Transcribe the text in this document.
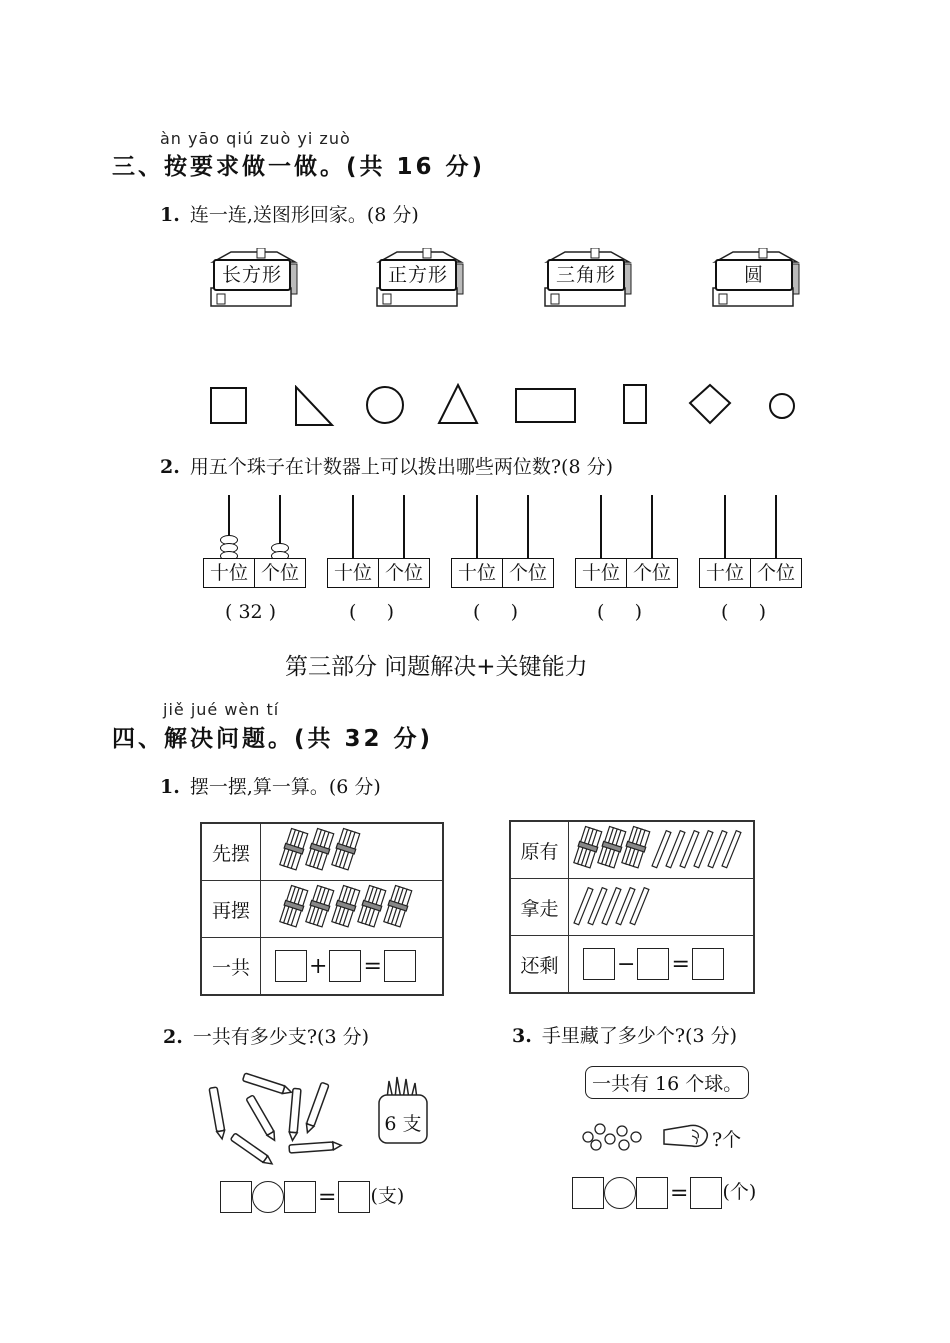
àn yāo qiú zuò yi zuò
三、按要求做一做。(共 16 分)
1. 连一连,送图形回家。(8 分)
长方形	正方形	三角形	圆
2. 用五个珠子在计数器上可以拨出哪些两位数?(8 分)
十位 个位
( 32 )
十位 个位
(     )
十位 个位
(     )
十位 个位
(     )
十位 个位
(     )
第三部分 问题解决+关键能力
jiě jué wèn tí
四、解决问题。(共 32 分)
1. 摆一摆,算一算。(6 分)
先摆	
再摆	
一共	+ =
原有	
拿走	
还剩	− =
2. 一共有多少支?(3 分)
6 支
= (支)
3. 手里藏了多少个?(3 分)
一共有 16 个球。
?个
= (个)
